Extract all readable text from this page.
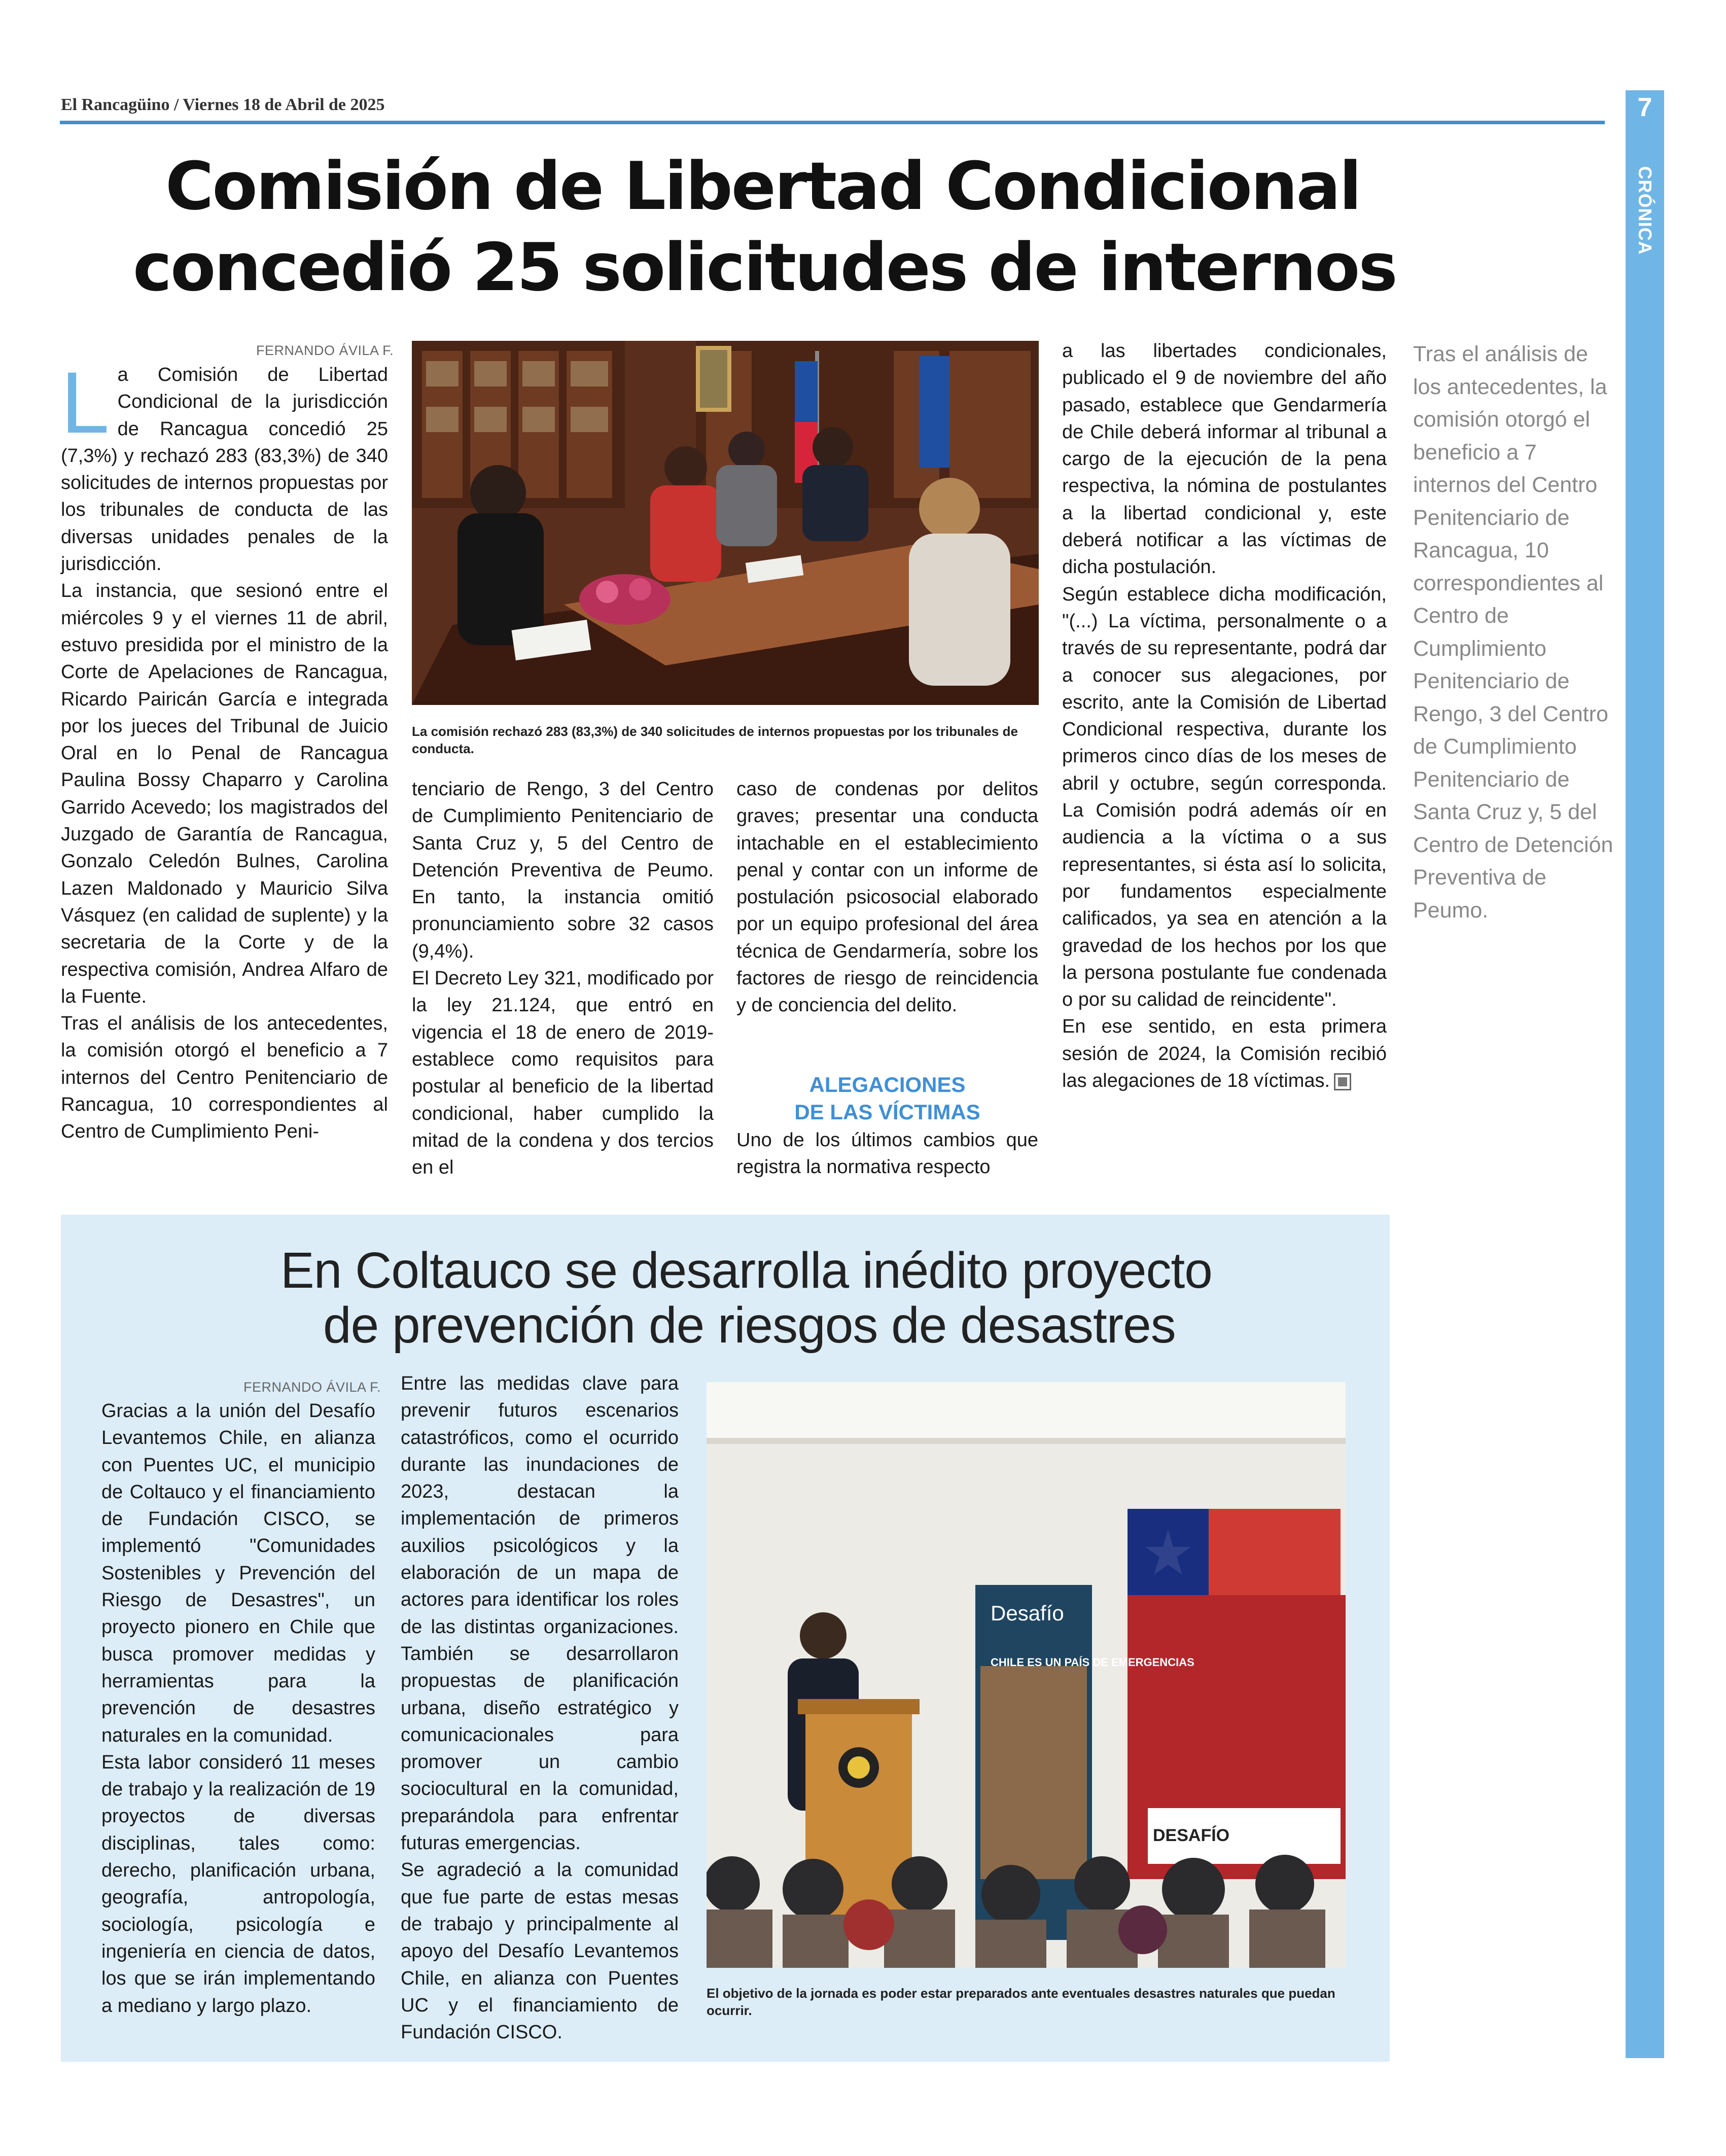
El Rancagüino / Viernes 18 de Abril de 2025	7
CRÓNICA
Comisión de Libertad Condicional
concedió 25 solicitudes de internos
FERNANDO ÁVILA F.

La Comisión de Libertad Condicional de la jurisdicción de Rancagua concedió 25 (7,3%) y rechazó 283 (83,3%) de 340 solicitudes de internos propuestas por los tribunales de conducta de las diversas unidades penales de la jurisdicción.

La instancia, que sesionó entre el miércoles 9 y el viernes 11 de abril, estuvo presidida por el ministro de la Corte de Apelaciones de Rancagua, Ricardo Pairicán García e integrada por los jueces del Tribunal de Juicio Oral en lo Penal de Rancagua Paulina Bossy Chaparro y Carolina Garrido Acevedo; los magistrados del Juzgado de Garantía de Rancagua, Gonzalo Celedón Bulnes, Carolina Lazen Maldonado y Mauricio Silva Vásquez (en calidad de suplente) y la secretaria de la Corte y de la respectiva comisión, Andrea Alfaro de la Fuente.

Tras el análisis de los antecedentes, la comisión otorgó el beneficio a 7 internos del Centro Penitenciario de Rancagua, 10 correspondientes al Centro de Cumplimiento Peni-

La comisión rechazó 283 (83,3%) de 340 solicitudes de internos propuestas por los tribunales de conducta.

tenciario de Rengo, 3 del Centro de Cumplimiento Penitenciario de Santa Cruz y, 5 del Centro de Detención Preventiva de Peumo. En tanto, la instancia omitió pronunciamiento sobre 32 casos (9,4%).

El Decreto Ley 321, modificado por la ley 21.124, que entró en vigencia el 18 de enero de 2019- establece como requisitos para postular al beneficio de la libertad condicional, haber cumplido la mitad de la condena y dos tercios en el

caso de condenas por delitos graves; presentar una conducta intachable en el establecimiento penal y contar con un informe de postulación psicosocial elaborado por un equipo profesional del área técnica de Gendarmería, sobre los factores de riesgo de reincidencia y de conciencia del delito.

ALEGACIONES
DE LAS VÍCTIMAS

Uno de los últimos cambios que registra la normativa respecto

a las libertades condicionales, publicado el 9 de noviembre del año pasado, establece que Gendarmería de Chile deberá informar al tribunal a cargo de la ejecución de la pena respectiva, la nómina de postulantes a la libertad condicional y, este deberá notificar a las víctimas de dicha postulación.

Según establece dicha modificación, "(...) La víctima, personalmente o a través de su representante, podrá dar a conocer sus alegaciones, por escrito, ante la Comisión de Libertad Condicional respectiva, durante los primeros cinco días de los meses de abril y octubre, según corresponda. La Comisión podrá además oír en audiencia a la víctima o a sus representantes, si ésta así lo solicita, por fundamentos especialmente calificados, ya sea en atención a la gravedad de los hechos por los que la persona postulante fue condenada o por su calidad de reincidente".

En ese sentido, en esta primera sesión de 2024, la Comisión recibió las alegaciones de 18 víctimas.

Tras el análisis de los antecedentes, la comisión otorgó el beneficio a 7 internos del Centro Penitenciario de Rancagua, 10 correspondientes al Centro de Cumplimiento Penitenciario de Rengo, 3 del Centro de Cumplimiento Penitenciario de Santa Cruz y, 5 del Centro de Detención Preventiva de Peumo.
En Coltauco se desarrolla inédito proyecto
de prevención de riesgos de desastres
FERNANDO ÁVILA F.

Gracias a la unión del Desafío Levantemos Chile, en alianza con Puentes UC, el municipio de Coltauco y el financiamiento de Fundación CISCO, se implementó "Comunidades Sostenibles y Prevención del Riesgo de Desastres", un proyecto pionero en Chile que busca promover medidas y herramientas para la prevención de desastres naturales en la comunidad.

Esta labor consideró 11 meses de trabajo y la realización de 19 proyectos de diversas disciplinas, tales como: derecho, planificación urbana, geografía, antropología, sociología, psicología e ingeniería en ciencia de datos, los que se irán implementando a mediano y largo plazo.

Entre las medidas clave para prevenir futuros escenarios catastróficos, como el ocurrido durante las inundaciones de 2023, destacan la implementación de primeros auxilios psicológicos y la elaboración de un mapa de actores para identificar los roles de las distintas organizaciones. También se desarrollaron propuestas de planificación urbana, diseño estratégico y comunicacionales para promover un cambio sociocultural en la comunidad, preparándola para enfrentar futuras emergencias.

Se agradeció a la comunidad que fue parte de estas mesas de trabajo y principalmente al apoyo del Desafío Levantemos Chile, en alianza con Puentes UC y el financiamiento de Fundación CISCO.

Desafío
CHILE ES UN PAÍS DE EMERGENCIAS
DESAFÍO
El objetivo de la jornada es poder estar preparados ante eventuales desastres naturales que puedan ocurrir.
